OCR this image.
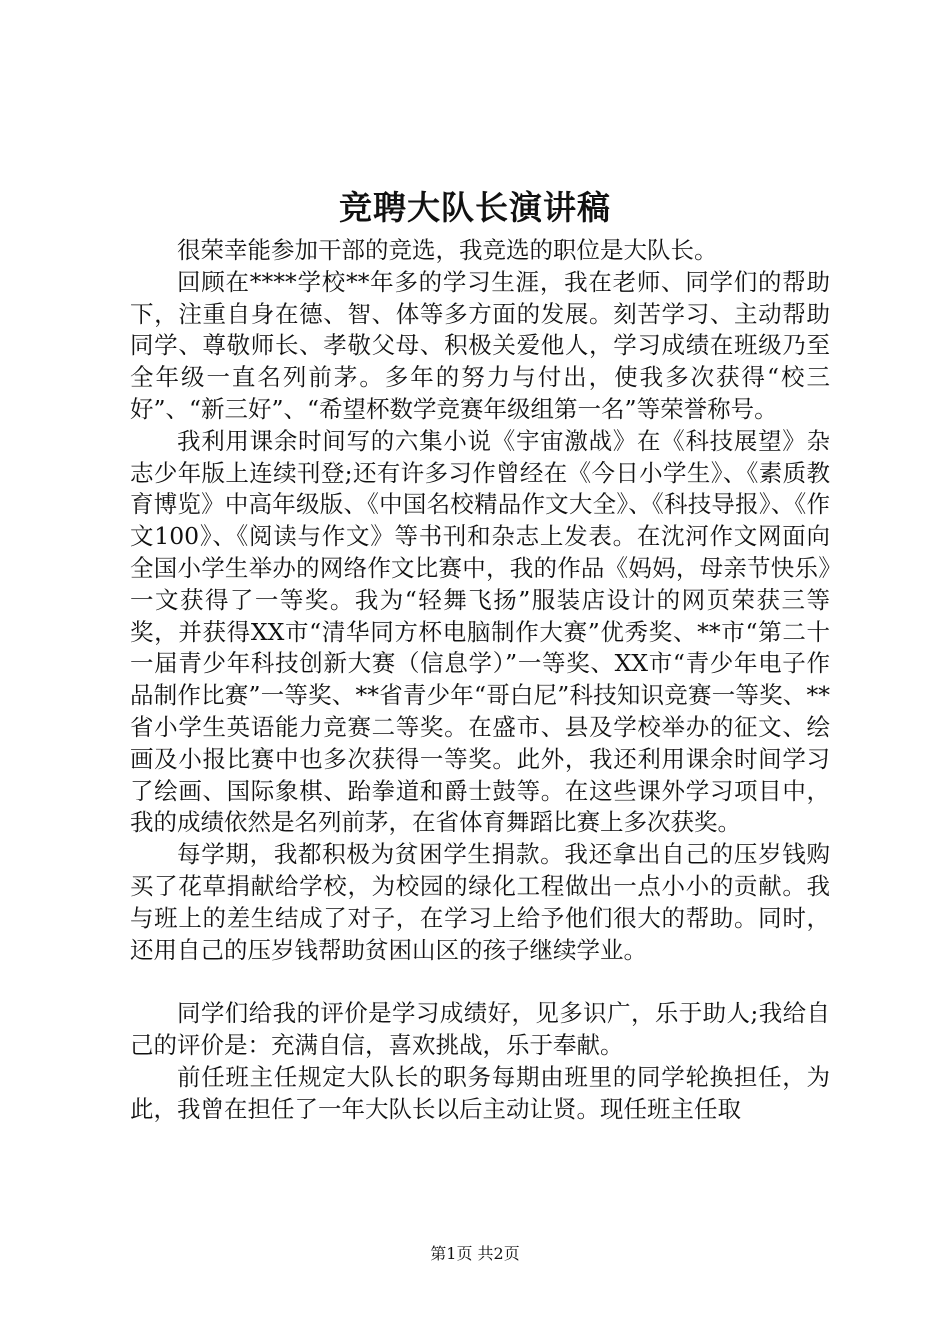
竞聘大队长演讲稿

很荣幸能参加干部的竞选，我竞选的职位是大队长。

回顾在****学校**年多的学习生涯，我在老师、同学们的帮助下，注重自身在德、智、体等多方面的发展。刻苦学习、主动帮助同学、尊敬师长、孝敬父母、积极关爱他人，学习成绩在班级乃至全年级一直名列前茅。多年的努力与付出，使我多次获得“校三好”、“新三好”、“希望杯数学竞赛年级组第一名”等荣誉称号。

我利用课余时间写的六集小说《宇宙激战》在《科技展望》杂志少年版上连续刊登;还有许多习作曾经在《今日小学生》、《素质教育博览》中高年级版、《中国名校精品作文大全》、《科技导报》、《作文100》、《阅读与作文》等书刊和杂志上发表。在沈河作文网面向全国小学生举办的网络作文比赛中，我的作品《妈妈，母亲节快乐》一文获得了一等奖。我为“轻舞飞扬”服装店设计的网页荣获三等奖，并获得XX市“清华同方杯电脑制作大赛”优秀奖、**市“第二十一届青少年科技创新大赛（信息学）”一等奖、XX市“青少年电子作品制作比赛”一等奖、**省青少年“哥白尼”科技知识竞赛一等奖、**省小学生英语能力竞赛二等奖。在盛市、县及学校举办的征文、绘画及小报比赛中也多次获得一等奖。此外，我还利用课余时间学习了绘画、国际象棋、跆拳道和爵士鼓等。在这些课外学习项目中，我的成绩依然是名列前茅，在省体育舞蹈比赛上多次获奖。

每学期，我都积极为贫困学生捐款。我还拿出自己的压岁钱购买了花草捐献给学校，为校园的绿化工程做出一点小小的贡献。我与班上的差生结成了对子，在学习上给予他们很大的帮助。同时，还用自己的压岁钱帮助贫困山区的孩子继续学业。

同学们给我的评价是学习成绩好，见多识广，乐于助人;我给自己的评价是：充满自信，喜欢挑战，乐于奉献。

前任班主任规定大队长的职务每期由班里的同学轮换担任，为此，我曾在担任了一年大队长以后主动让贤。现任班主任取

第1页 共2页
